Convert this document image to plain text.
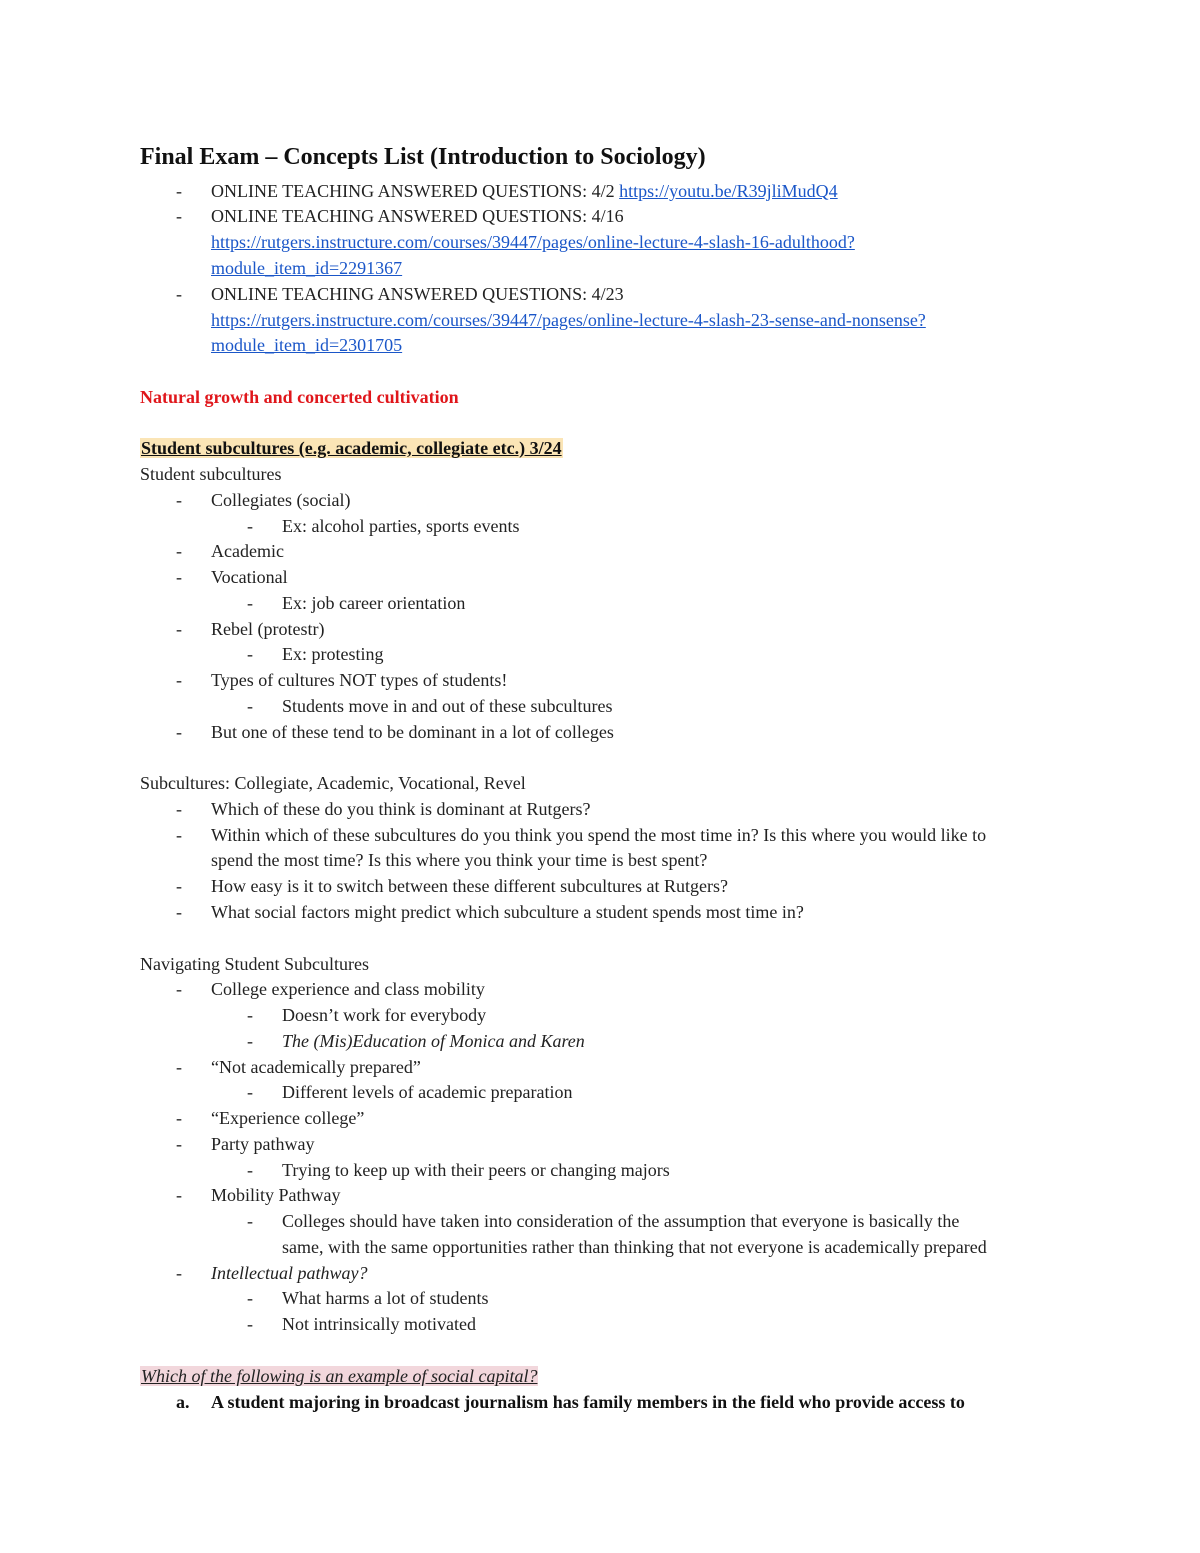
Final Exam – Concepts List (Introduction to Sociology)
- ONLINE TEACHING ANSWERED QUESTIONS: 4/2 https://youtu.be/R39jliMudQ4
- ONLINE TEACHING ANSWERED QUESTIONS: 4/16
https://rutgers.instructure.com/courses/39447/pages/online-lecture-4-slash-16-adulthood?
module_item_id=2291367
- ONLINE TEACHING ANSWERED QUESTIONS: 4/23
https://rutgers.instructure.com/courses/39447/pages/online-lecture-4-slash-23-sense-and-nonsense?
module_item_id=2301705
Natural growth and concerted cultivation
Student subcultures (e.g. academic, collegiate etc.) 3/24
Student subcultures
- Collegiates (social)
- Ex: alcohol parties, sports events
- Academic
- Vocational
- Ex: job career orientation
- Rebel (protestr)
- Ex: protesting
- Types of cultures NOT types of students!
- Students move in and out of these subcultures
- But one of these tend to be dominant in a lot of colleges
Subcultures: Collegiate, Academic, Vocational, Revel
- Which of these do you think is dominant at Rutgers?
- Within which of these subcultures do you think you spend the most time in? Is this where you would like to
spend the most time? Is this where you think your time is best spent?
- How easy is it to switch between these different subcultures at Rutgers?
- What social factors might predict which subculture a student spends most time in?
Navigating Student Subcultures
- College experience and class mobility
- Doesn’t work for everybody
- The (Mis)Education of Monica and Karen
- “Not academically prepared”
- Different levels of academic preparation
- “Experience college”
- Party pathway
- Trying to keep up with their peers or changing majors
- Mobility Pathway
- Colleges should have taken into consideration of the assumption that everyone is basically the
same, with the same opportunities rather than thinking that not everyone is academically prepared
- Intellectual pathway?
- What harms a lot of students
- Not intrinsically motivated
Which of the following is an example of social capital?
a. A student majoring in broadcast journalism has family members in the field who provide access to
